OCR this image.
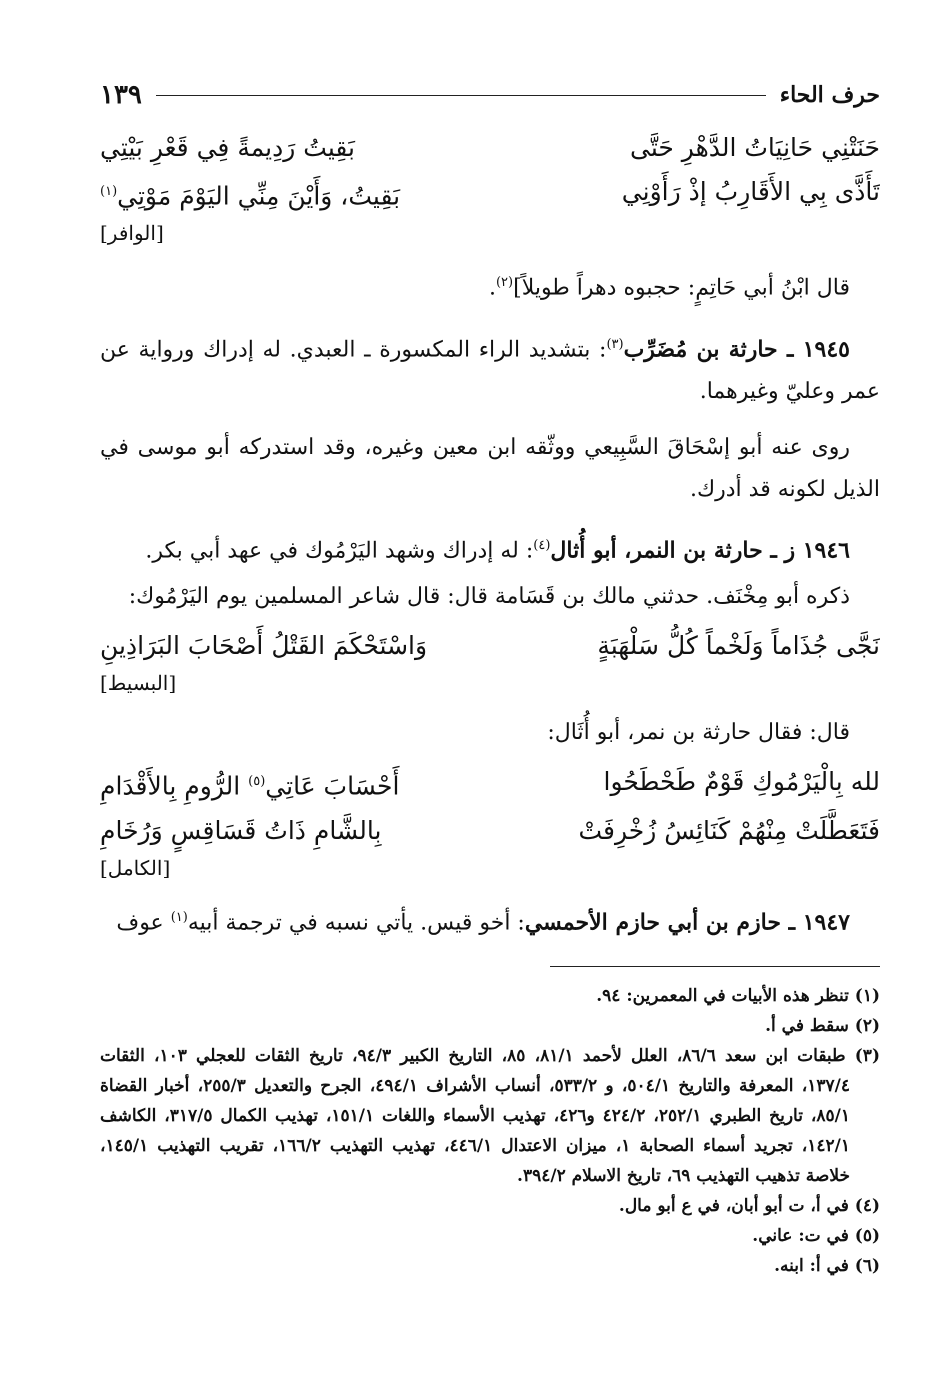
حرف الحاء
١٣٩
حَنَتْنِي حَانِيَاتُ الدَّهْرِ حَتَّى
بَقِيتُ رَدِيمةً فِي قَعْرِ بَيْتِي
تَأَذَّى بِي الأَقَارِبُ إذْ رَأَوْنِي
بَقِيتُ، وَأَيْنَ مِنِّي اليَوْمَ مَوْتِي$^{(١)}$
[الوافر]
قال ابْنُ أبي حَاتِمٍ: حجبوه دهراً طويلاً]$^{(٢)}$.
١٩٤٥ ـ حارثة بن مُضَرِّب$^{(٣)}$: بتشديد الراء المكسورة ـ العبدي. له إدراك ورواية عن عمر وعليّ وغيرهما.
روى عنه أبو إسْحَاقَ السَّبِيعي ووثّقه ابن معين وغيره، وقد استدركه أبو موسى في الذيل لكونه قد أدرك.
١٩٤٦ ز ـ حارثة بن النمر، أبو أُثال$^{(٤)}$: له إدراك وشهد اليَرْمُوك في عهد أبي بكر.
ذكره أبو مِخْنَف. حدثني مالك بن قَسَامة قال: قال شاعر المسلمين يوم اليَرْمُوك:
نَجَّى جُذَاماً وَلَخْماً كُلُّ سَلْهَبَةٍ
وَاسْتَحْكَمَ القَتْلُ أَصْحَابَ البَرَاذِينِ
[البسيط]
قال: فقال حارثة بن نمر، أبو أُثَال:
لله بِالْيَرْمُوكِ قَوْمٌ طَحْطَحُوا
أَحْسَابَ عَاتِي$^{(٥)}$ الرُّومِ بِالأَقْدَامِ
فَتَعَطَّلَتْ مِنْهُمْ كَنَائِسُ زُخْرِفَتْ
بِالشَّامِ ذَاتُ قَسَاقِسٍ وَرُخَامِ
[الكامل]
١٩٤٧ ـ حازم بن أبي حازم الأحمسي: أخو قيس. يأتي نسبه في ترجمة أبيه$^{(١)}$ عوف
(١) تنظر هذه الأبيات في المعمرين: ٩٤.
(٢) سقط في أ.
(٣) طبقات ابن سعد ٨٦/٦، العلل لأحمد ٨١/١، ٨٥، التاريخ الكبير ٩٤/٣، تاريخ الثقات للعجلي ١٠٣، الثقات ١٣٧/٤، المعرفة والتاريخ ٥٠٤/١، و ٥٣٣/٢، أنساب الأشراف ٤٩٤/١، الجرح والتعديل ٢٥٥/٣، أخبار القضاة ٨٥/١، تاريخ الطبري ٢٥٢/١، ٤٢٤/٢ و٤٢٦، تهذيب الأسماء واللغات ١٥١/١، تهذيب الكمال ٣١٧/٥، الكاشف ١٤٢/١، تجريد أسماء الصحابة ١، ميزان الاعتدال ٤٤٦/١، تهذيب التهذيب ١٦٦/٢، تقريب التهذيب ١٤٥/١، خلاصة تذهيب التهذيب ٦٩، تاريخ الاسلام ٣٩٤/٢.
(٤) في أ، ت أبو أبان، في ع أبو مال.
(٥) في ت: عاني.
(٦) في أ: ابنه.
